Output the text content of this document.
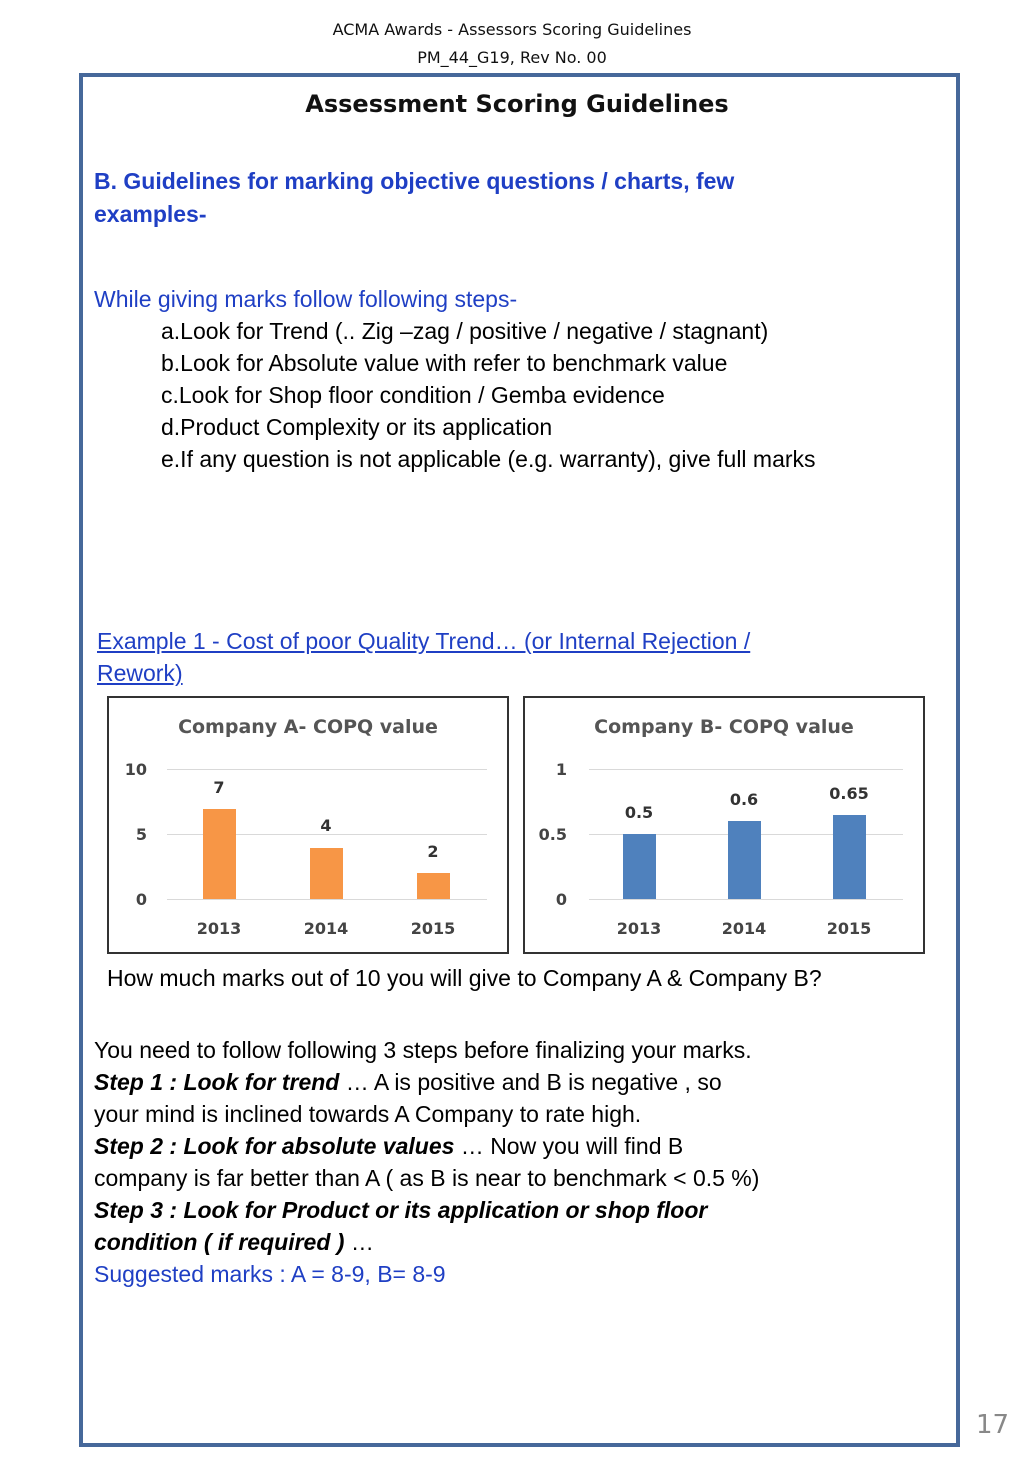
ACMA Awards - Assessors Scoring Guidelines
PM_44_G19, Rev No. 00
Assessment Scoring Guidelines
B. Guidelines for marking objective questions / charts, few
examples-
While giving marks follow following steps-
a.Look for Trend (.. Zig –zag / positive / negative / stagnant)
b.Look for Absolute value with refer to benchmark value
c.Look for Shop floor condition / Gemba evidence
d.Product Complexity or its application
e.If any question is not applicable (e.g. warranty), give full marks
Example 1 - Cost of poor Quality Trend… (or Internal Rejection /
Rework)
Company A- COPQ value
10
5
0
7
4
2
2013	2014	2015
Company B- COPQ value
1
0.5
0
0.5
0.6	0.65
2013	2014	2015
How much marks out of 10 you will give to Company A & Company B?
You need to follow following 3 steps before finalizing your marks.
Step 1 : Look for trend … A is positive and B is negative , so
your mind is inclined towards A Company to rate high.
Step 2 : Look for absolute values … Now you will find B
company is far better than A ( as B is near to benchmark < 0.5 %)
Step 3 : Look for Product or its application or shop floor
condition ( if required ) …
Suggested marks : A = 8-9, B= 8-9
17
